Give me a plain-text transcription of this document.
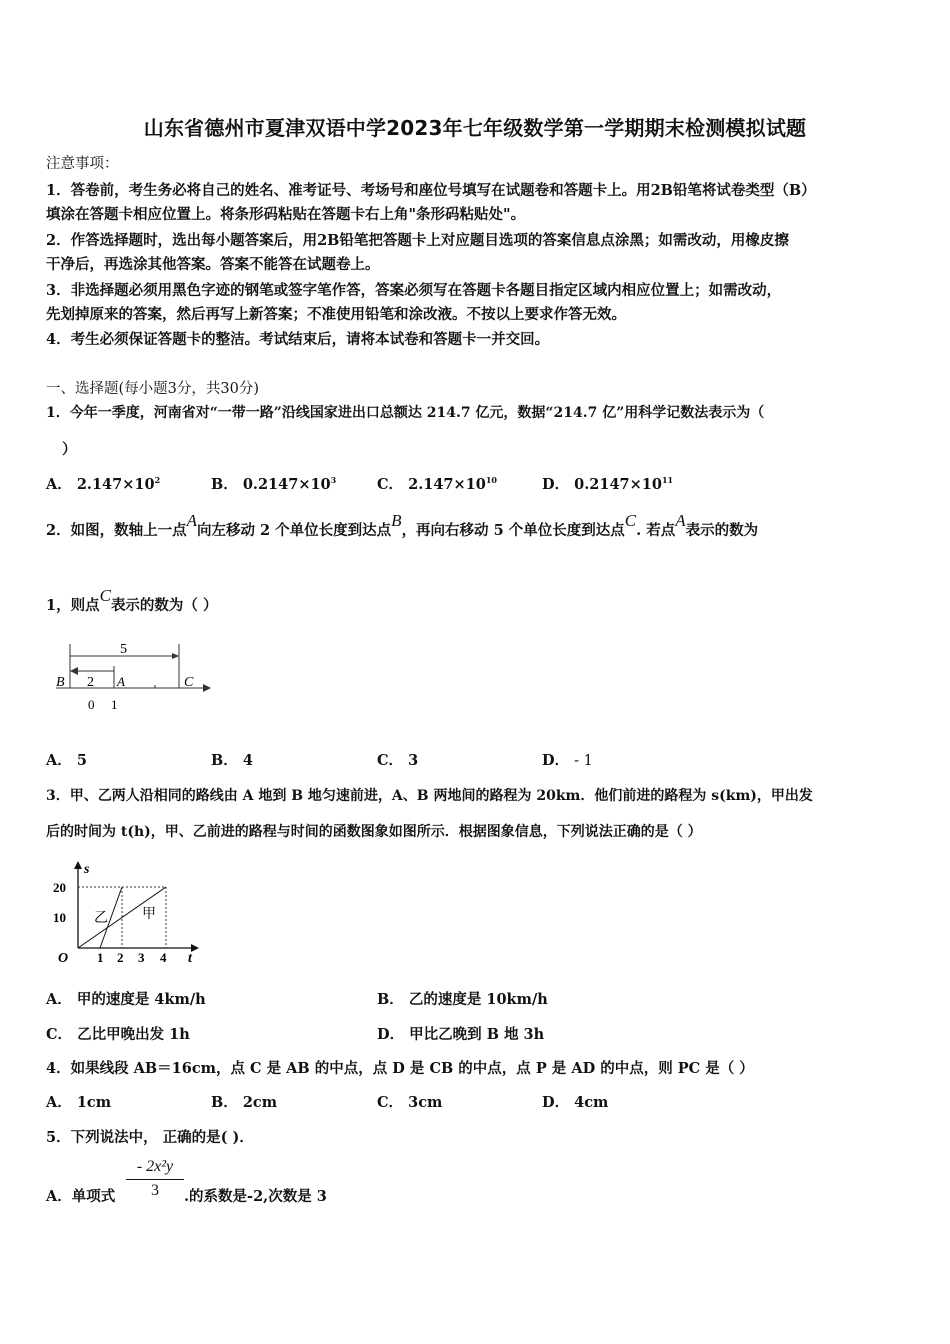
山东省德州市夏津双语中学2023年七年级数学第一学期期末检测模拟试题
注意事项：
1．答卷前，考生务必将自己的姓名、准考证号、考场号和座位号填写在试题卷和答题卡上。用2B铅笔将试卷类型（B）
填涂在答题卡相应位置上。将条形码粘贴在答题卡右上角"条形码粘贴处"。
2．作答选择题时，选出每小题答案后，用2B铅笔把答题卡上对应题目选项的答案信息点涂黑；如需改动，用橡皮擦
干净后，再选涂其他答案。答案不能答在试题卷上。
3．非选择题必须用黑色字迹的钢笔或签字笔作答，答案必须写在答题卡各题目指定区域内相应位置上；如需改动，
先划掉原来的答案，然后再写上新答案；不准使用铅笔和涂改液。不按以上要求作答无效。
4．考生必须保证答题卡的整洁。考试结束后，请将本试卷和答题卡一并交回。
一、选择题(每小题3分，共30分)
1．今年一季度，河南省对“一带一路”沿线国家进出口总额达 214.7 亿元，数据“214.7 亿”用科学记数法表示为（
）
A． $2.147\times 10^2$	B． $0.2147\times 10^3$	C． $2.147\times 10^{10}$	D． $0.2147\times 10^{11}$
2．如图，数轴上一点A向左移动 2 个单位长度到达点B，再向右移动 5 个单位长度到达点C. 若点A表示的数为
1，则点C表示的数为（ ）
5
2
B	A	C
0 1
A． 5	B． 4	C． 3	D． - 1
3．甲、乙两人沿相同的路线由 A 地到 B 地匀速前进，A、B 两地间的路程为 20km．他们前进的路程为 s(km)，甲出发
后的时间为 t(h)，甲、乙前进的路程与时间的函数图象如图所示．根据图象信息，下列说法正确的是（ ）
s
t
O
20
10
1 2 3 4
乙 甲
A． 甲的速度是 4km/h	B． 乙的速度是 10km/h
C． 乙比甲晚出发 1h	D． 甲比乙晚到 B 地 3h
4．如果线段 AB＝16cm，点 C 是 AB 的中点，点 D 是 CB 的中点，点 P 是 AD 的中点，则 PC 是（ ）
A． 1cm	B． 2cm	C． 3cm	D． 4cm
5．下列说法中， 正确的是( )．
A．单项式 $\frac{\text{- 2x²y}}{3}$ .的系数是-2,次数是 3
